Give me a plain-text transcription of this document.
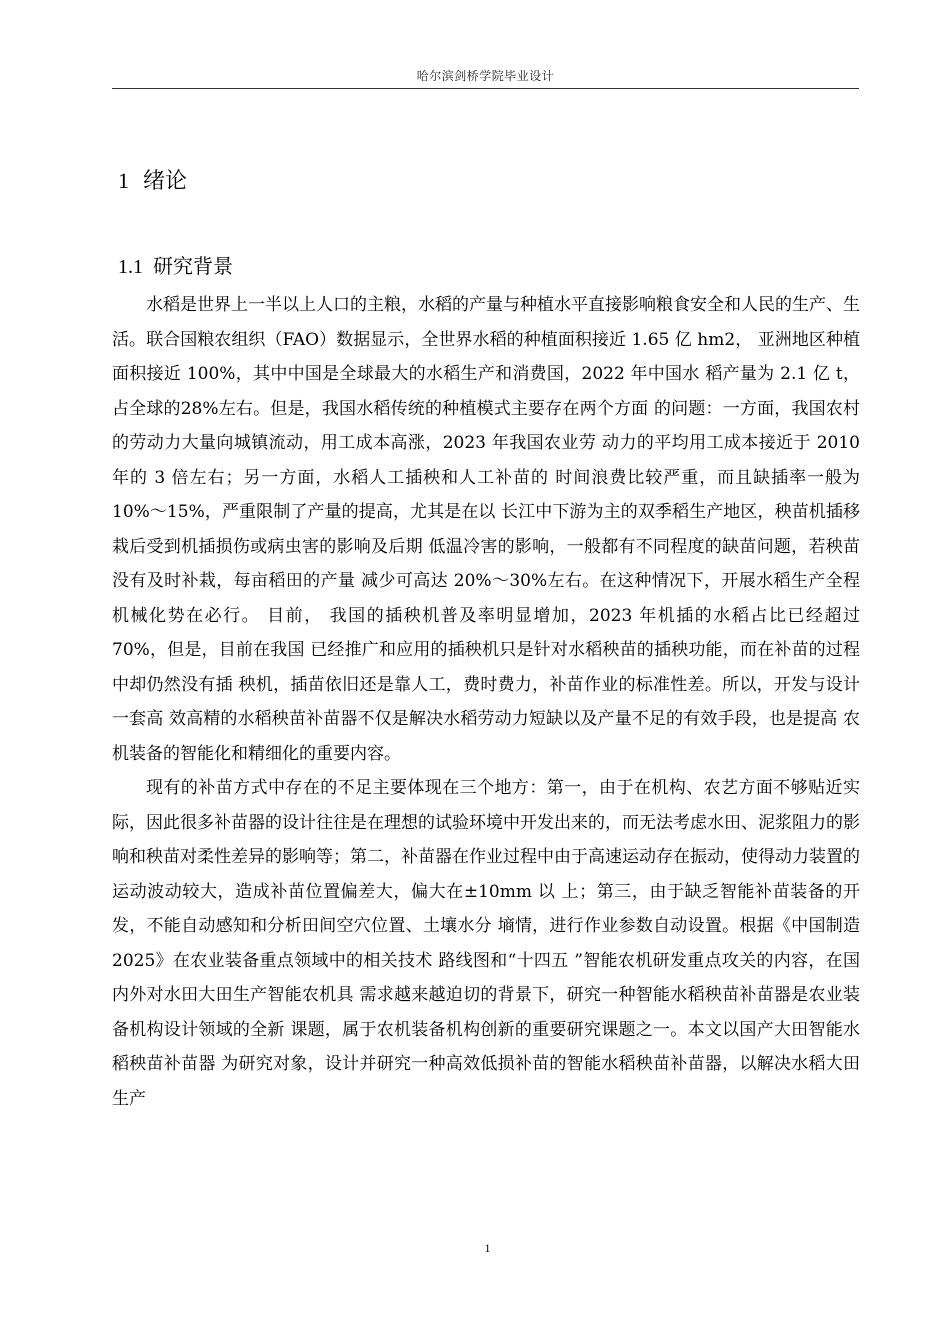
哈尔滨剑桥学院毕业设计
1 绪论
1.1 研究背景

水稻是世界上一半以上人口的主粮，水稻的产量与种植水平直接影响粮食安全和人民的生产、生活。联合国粮农组织（FAO）数据显示，全世界水稻的种植面积接近 1.65 亿 hm2， 亚洲地区种植面积接近 100%，其中中国是全球最大的水稻生产和消费国，2022 年中国水 稻产量为 2.1 亿 t，占全球的28%左右。但是，我国水稻传统的种植模式主要存在两个方面 的问题：一方面，我国农村的劳动力大量向城镇流动，用工成本高涨，2023 年我国农业劳 动力的平均用工成本接近于 2010 年的 3 倍左右；另一方面，水稻人工插秧和人工补苗的 时间浪费比较严重，而且缺插率一般为 10%～15%，严重限制了产量的提高，尤其是在以 长江中下游为主的双季稻生产地区，秧苗机插移栽后受到机插损伤或病虫害的影响及后期 低温冷害的影响，一般都有不同程度的缺苗问题，若秧苗没有及时补栽，每亩稻田的产量 减少可高达 20%～30%左右。在这种情况下，开展水稻生产全程机械化势在必行。 目前， 我国的插秧机普及率明显增加，2023 年机插的水稻占比已经超过 70%，但是，目前在我国 已经推广和应用的插秧机只是针对水稻秧苗的插秧功能，而在补苗的过程中却仍然没有插 秧机，插苗依旧还是靠人工，费时费力，补苗作业的标准性差。所以，开发与设计一套高 效高精的水稻秧苗补苗器不仅是解决水稻劳动力短缺以及产量不足的有效手段，也是提高 农机装备的智能化和精细化的重要内容。

现有的补苗方式中存在的不足主要体现在三个地方：第一，由于在机构、农艺方面不够贴近实际，因此很多补苗器的设计往往是在理想的试验环境中开发出来的，而无法考虑水田、泥浆阻力的影响和秧苗对柔性差异的影响等；第二，补苗器在作业过程中由于高速运动存在振动，使得动力装置的运动波动较大，造成补苗位置偏差大，偏大在±10mm 以 上；第三，由于缺乏智能补苗装备的开发，不能自动感知和分析田间空穴位置、土壤水分 墒情，进行作业参数自动设置。根据《中国制造 2025》在农业装备重点领域中的相关技术 路线图和“十四五 ”智能农机研发重点攻关的内容，在国内外对水田大田生产智能农机具 需求越来越迫切的背景下，研究一种智能水稻秧苗补苗器是农业装备机构设计领域的全新 课题，属于农机装备机构创新的重要研究课题之一。本文以国产大田智能水稻秧苗补苗器 为研究对象，设计并研究一种高效低损补苗的智能水稻秧苗补苗器，以解决水稻大田生产

1
